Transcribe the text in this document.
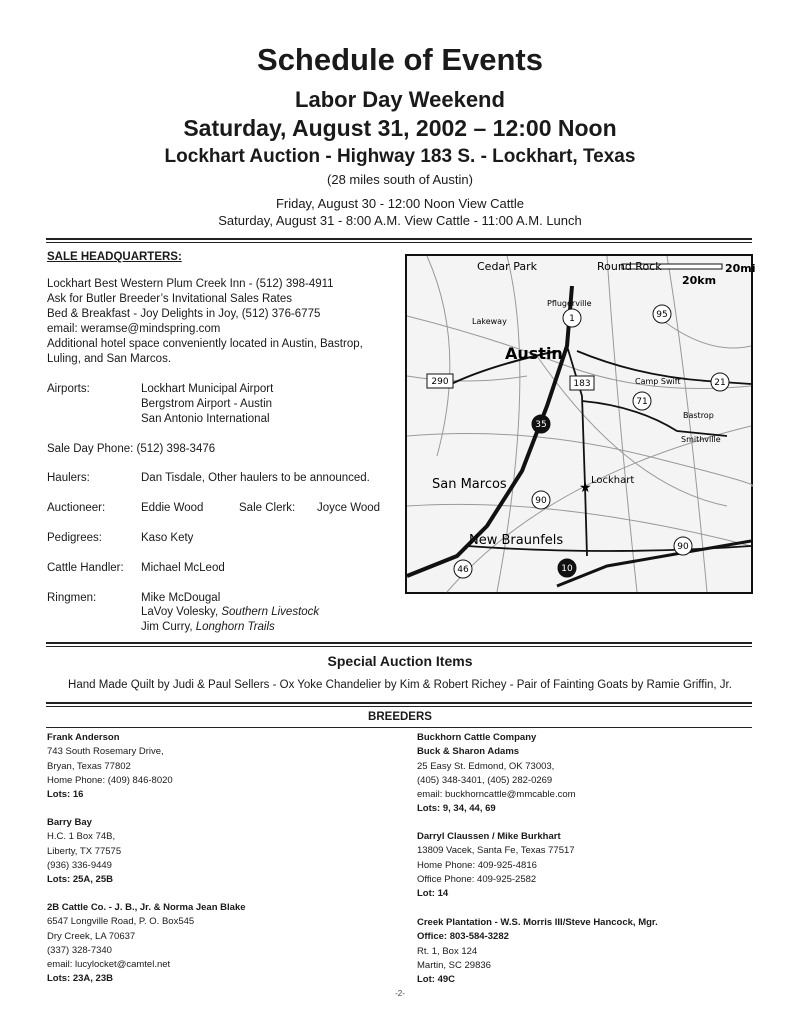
Schedule of Events
Labor Day Weekend
Saturday, August 31, 2002 – 12:00 Noon
Lockhart Auction - Highway 183 S. - Lockhart, Texas
(28 miles south of Austin)
Friday, August 30 - 12:00 Noon View Cattle
Saturday, August 31 - 8:00 A.M. View Cattle - 11:00 A.M. Lunch
SALE HEADQUARTERS:
Lockhart Best Western Plum Creek Inn - (512) 398-4911
Ask for Butler Breeder’s Invitational Sales Rates
Bed & Breakfast - Joy Delights in Joy, (512) 376-6775
email: weramse@mindspring.com
Additional hotel space conveniently located in Austin, Bastrop,
Luling, and San Marcos.
Airports:	Lockhart Municipal Airport
Bergstrom Airport - Austin
San Antonio International
Sale Day Phone: (512) 398-3476
Haulers:	Dan Tisdale, Other haulers to be announced.
Auctioneer:	Eddie Wood	Sale Clerk: Joyce Wood
Pedigrees:	Kaso Kety
Cattle Handler: Michael McLeod
Ringmen:	Mike McDougal
LaVoy Volesky, Southern Livestock
Jim Curry, Longhorn Trails
20mi
20km
Cedar Park	Round Rock
Pflugerville
Lakeway
Austin
Camp Swift
Bastrop
Smithville
San Marcos	Lockhart
New Braunfels
★
1	95
290	183	21
71
35
90
46	10
90
Special Auction Items
Hand Made Quilt by Judi & Paul Sellers - Ox Yoke Chandelier by Kim & Robert Richey - Pair of Fainting Goats by Ramie Griffin, Jr.
BREEDERS
Frank Anderson
743 South Rosemary Drive,
Bryan, Texas 77802
Home Phone: (409) 846-8020
Lots: 16
Barry Bay
H.C. 1 Box 74B,
Liberty, TX 77575
(936) 336-9449
Lots: 25A, 25B
2B Cattle Co. - J. B., Jr. & Norma Jean Blake
6547 Longville Road, P. O. Box545
Dry Creek, LA 70637
(337) 328-7340
email: lucylocket@camtel.net
Lots: 23A, 23B
Buckhorn Cattle Company
Buck & Sharon Adams
25 Easy St. Edmond, OK 73003,
(405) 348-3401, (405) 282-0269
email: buckhorncattle@mmcable.com
Lots: 9, 34, 44, 69
Darryl Claussen / Mike Burkhart
13809 Vacek, Santa Fe, Texas 77517
Home Phone: 409-925-4816
Office Phone: 409-925-2582
Lot: 14
Creek Plantation - W.S. Morris III/Steve Hancock, Mgr.
Office: 803-584-3282
Rt. 1, Box 124
Martin, SC 29836
Lot: 49C
-2-
